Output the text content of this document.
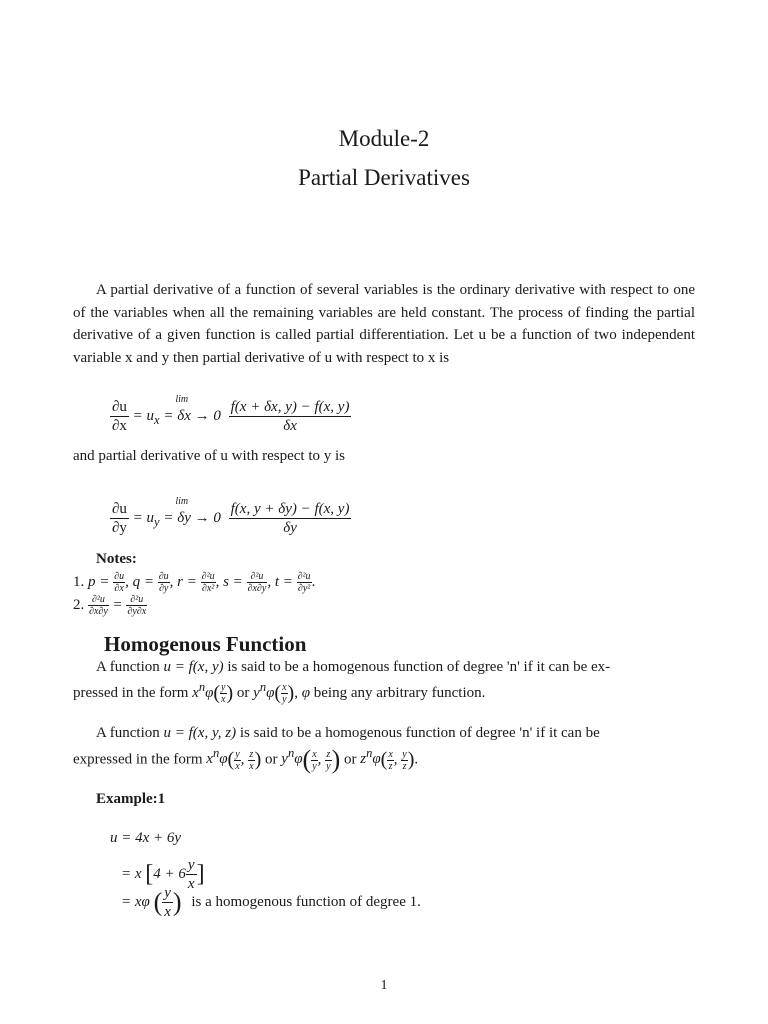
Module-2
Partial Derivatives
A partial derivative of a function of several variables is the ordinary derivative with respect to one of the variables when all the remaining variables are held constant. The process of finding the partial derivative of a given function is called partial differentiation. Let u be a function of two independent variable x and y then partial derivative of u with respect to x is
$\frac{\partial u}{\partial x} = u_x$
lim
= $\delta x \to 0 \frac{f(x + \delta x, y) - f(x, y)}{\delta x}$
and partial derivative of u with respect to y is
$\frac{\partial u}{\partial y} = u_y$
lim
= $\delta y \to 0 \frac{f(x, y + \delta y) - f(x, y)}{\delta y}$
Notes:
1. $p = \frac{\partial u}{\partial x}$ , $q = \frac{\partial u}{\partial y}$ , $r = \frac{\text{∂²u}}{\text{∂x²}}$ , $s = \frac{\text{∂²u}}{\partial x\partial y}$ , $t = \frac{\text{∂²u}}{\text{∂y²}}$ .
2. $\frac{\text{∂²u}}{\partial x\partial y} = \frac{\text{∂²u}}{\partial y\partial x}$
Homogenous Function
A function u = f(x, y) is said to be a homogenous function of degree 'n' if it can be ex-
pressed in the form $x^n\varphi( \frac{y}{x}$ ) or $y^n\varphi( \frac{x}{y}$ ), φ being any arbitrary function.
A function u = f(x, y, z) is said to be a homogenous function of degree 'n' if it can be
expressed in the form $x^n\varphi( \frac{y}{x}$ , $\frac{z}{x}$ ) or $y^n\varphi( \frac{x}{y}$ , $\frac{z}{y}$ ) or $z^n\varphi( \frac{x}{z}$ , $\frac{y}{z}$ ).
Example:1
u = 4x + 6y
= x [$4 + 6 \frac{y}{x}$ ]
= xφ ( $\frac{y}{x}$ ) is a homogenous function of degree 1.
1
